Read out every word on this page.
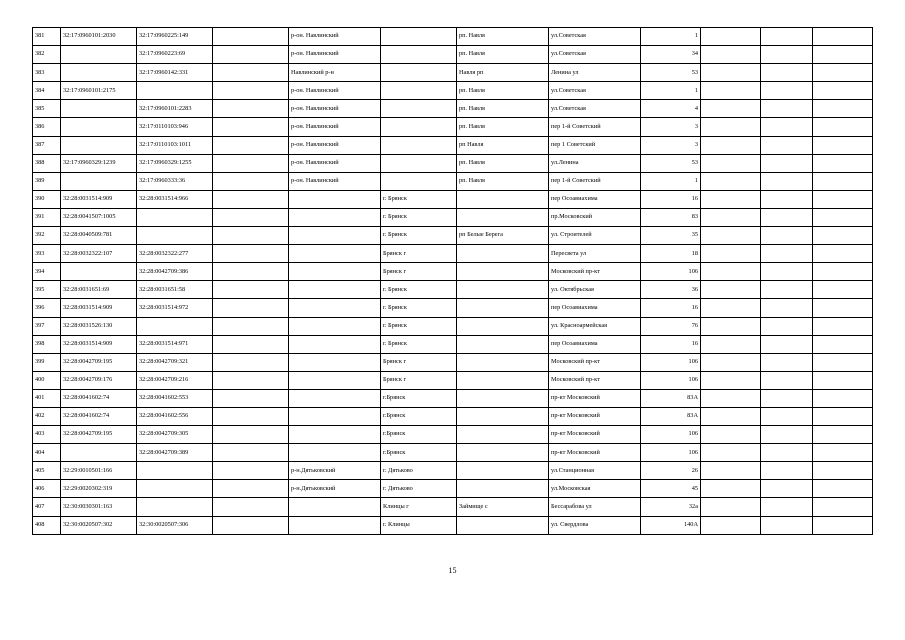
381	32:17:0960101:2030	32:17:0960225:149		р-он. Навлинский		рп. Навля	ул.Советская	1			
382		32:17:0960223:69		р-он. Навлинский		рп. Навля	ул.Советская	34			
383		32:17:0960142:331		Навлинский р-н		Навля рп	Ленина ул	53			
384	32:17:0960101:2175			р-он. Навлинский		рп. Навля	ул.Советская	1			
385		32:17:0960101:2283		р-он. Навлинский		рп. Навля	ул.Советская	4			
386		32:17:0110103:946		р-он. Навлинский		рп. Навля	пер 1-й Советский	3			
387		32:17:0110103:1011		р-он. Навлинский		рп Навля	пер 1 Советский	3			
388	32:17:0960329:1239	32:17:0960329:1255		р-он. Навлинский		рп. Навля	ул.Ленина	53			
389		32:17:0960333:36		р-он. Навлинский		рп. Навля	пер 1-й Советский	1			
390	32:28:0031514:909	32:28:0031514:966			г. Брянск		пер Осоавиахима	16			
391	32:28:0041507:1005				г. Брянск		пр.Московский	83			
392	32:28:0040509:781				г. Брянск	рп Белые Берега	ул. Строителей	35			
393	32:28:0032322:107	32:28:0032322:277			Брянск г		Пересвета ул	18			
394		32:28:0042709:386			Брянск г		Московский пр-кт	106			
395	32:28:0031651:69	32:28:0031651:58			г. Брянск		ул. Октябрьская	36			
396	32:28:0031514:909	32:28:0031514:972			г. Брянск		пер Осоавиахима	16			
397	32:28:0031526:130				г. Брянск		ул. Красноармейская	76			
398	32:28:0031514:909	32:28:0031514:971			г. Брянск		пер Осоавиахима	16			
399	32:28:0042709:195	32:28:0042709:321			Брянск г		Московский пр-кт	106			
400	32:28:0042709:176	32:28:0042709:216			Брянск г		Московский пр-кт	106			
401	32:28:0041602:74	32:28:0041602:553			г.Брянск		пр-кт Московский	83А			
402	32:28:0041602:74	32:28:0041602:556			г.Брянск		пр-кт Московский	83А			
403	32:28:0042709:195	32:28:0042709:305			г.Брянск		пр-кт Московский	106			
404		32:28:0042709:389			г.Брянск		пр-кт Московский	106			
405	32:29:0010501:166			р-н.Дятьковский	г. Дятьково		ул.Станционная	26			
406	32:29:0020302:319			р-н.Дятьковский	г. Дятьково		ул.Московская	45			
407	32:30:0030301:163				Клинцы г	Займище с	Бессарабова ул	32а			
408	32:30:0020507:302	32:30:0020507:306			г. Клинцы		ул. Свердлова	140А			
15
